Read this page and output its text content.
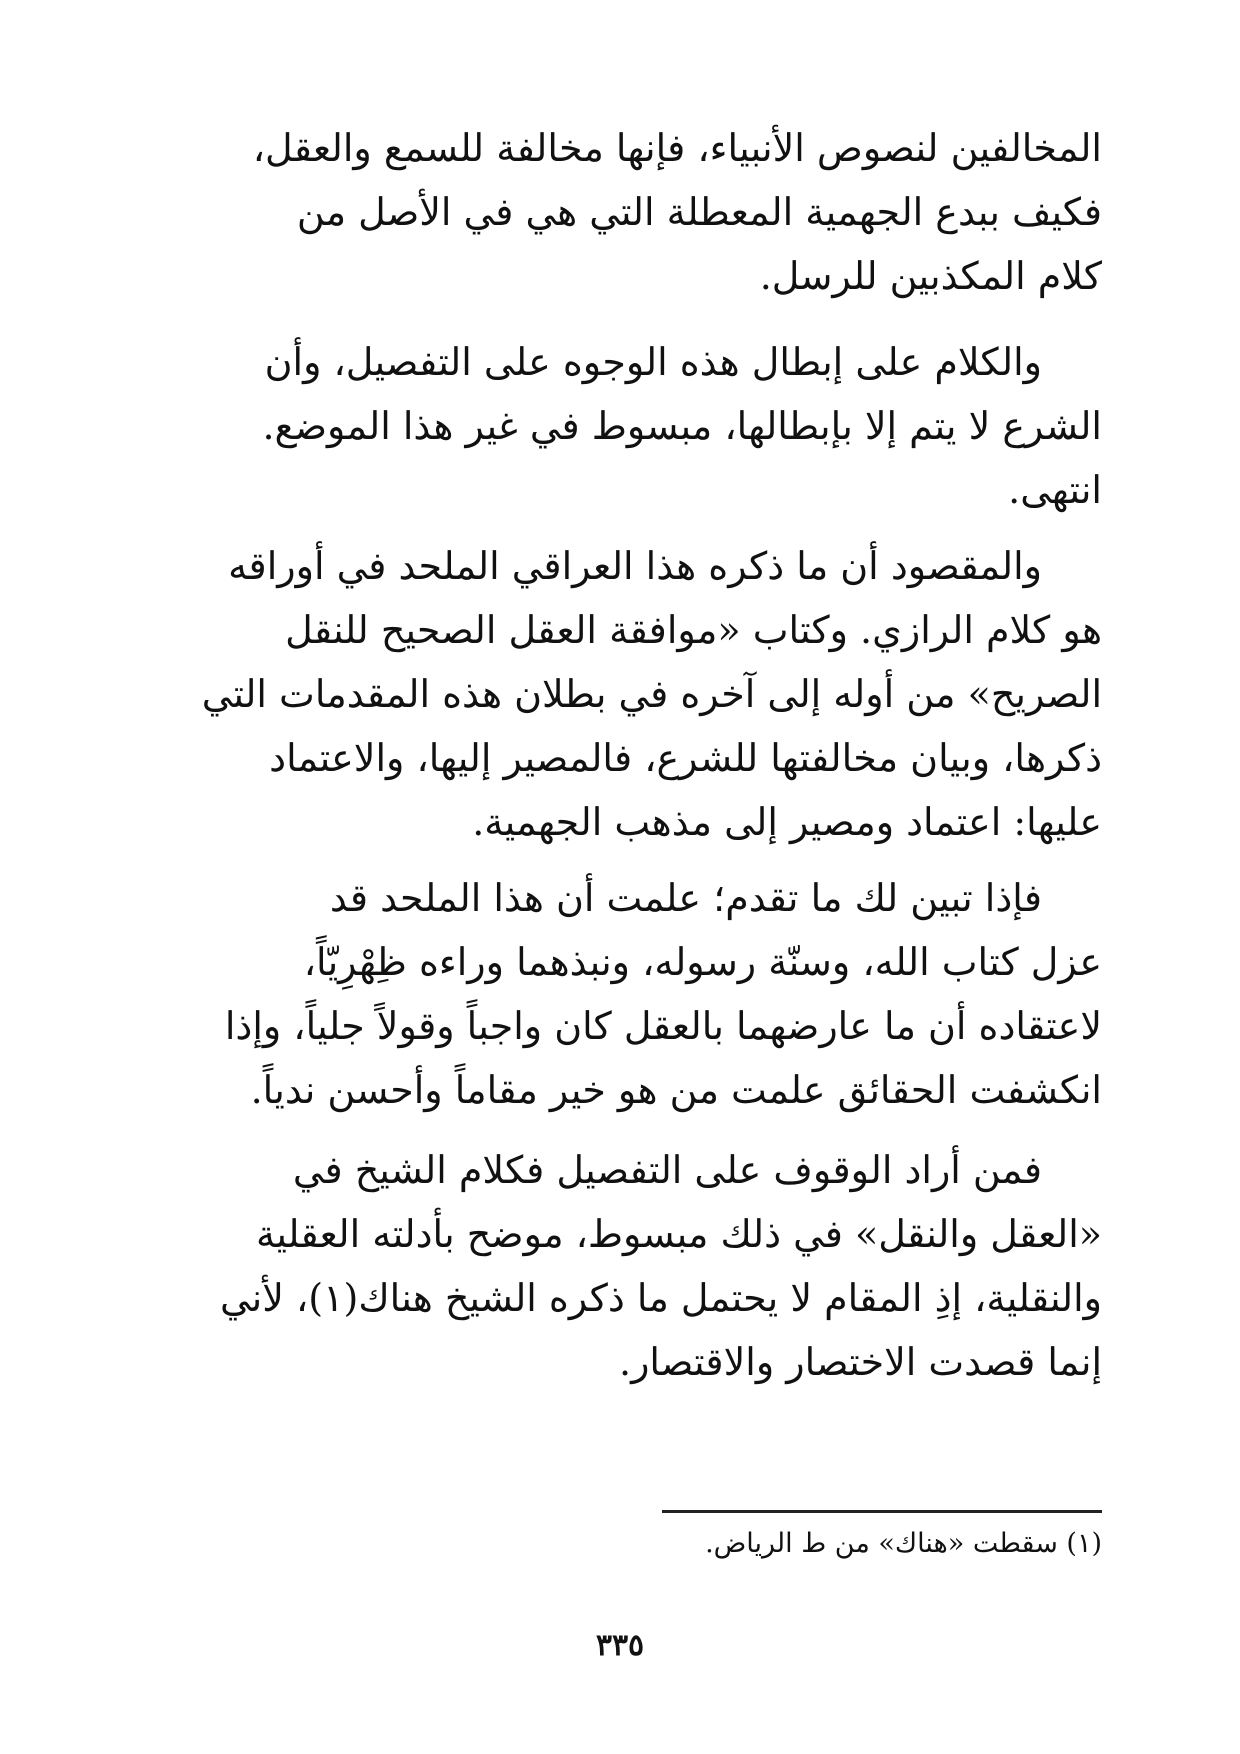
المخالفين لنصوص الأنبياء، فإنها مخالفة للسمع والعقل،
فكيف ببدع الجهمية المعطلة التي هي في الأصل من
كلام المكذبين للرسل.
والكلام على إبطال هذه الوجوه على التفصيل، وأن
الشرع لا يتم إلا بإبطالها، مبسوط في غير هذا الموضع.
انتهى.
والمقصود أن ما ذكره هذا العراقي الملحد في أوراقه
هو كلام الرازي. وكتاب «موافقة العقل الصحيح للنقل
الصريح» من أوله إلى آخره في بطلان هذه المقدمات التي
ذكرها، وبيان مخالفتها للشرع، فالمصير إليها، والاعتماد
عليها: اعتماد ومصير إلى مذهب الجهمية.
فإذا تبين لك ما تقدم؛ علمت أن هذا الملحد قد
عزل كتاب الله، وسنّة رسوله، ونبذهما وراءه ظِهْرِيّاً،
لاعتقاده أن ما عارضهما بالعقل كان واجباً وقولاً جلياً، وإذا
انكشفت الحقائق علمت من هو خير مقاماً وأحسن ندياً.
فمن أراد الوقوف على التفصيل فكلام الشيخ في
«العقل والنقل» في ذلك مبسوط، موضح بأدلته العقلية
والنقلية، إذِ المقام لا يحتمل ما ذكره الشيخ هناك(١)، لأني
إنما قصدت الاختصار والاقتصار.
(١) سقطت «هناك» من ط الرياض.
٣٣٥
